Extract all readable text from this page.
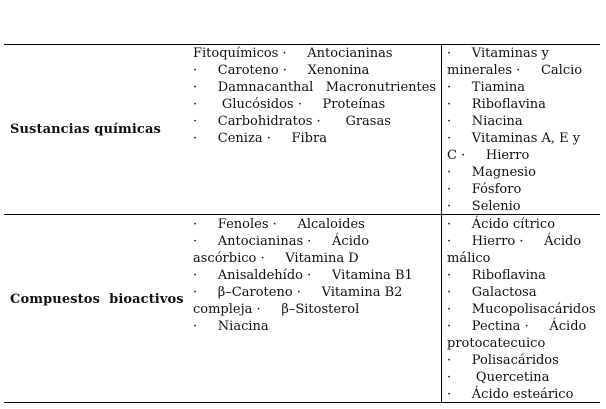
Sustancias químicas
Fitoquímicos ·     Antocianinas
·     Caroteno ·     Xenonina
·     Damnacanthal   Macronutrientes
·      Glucósidos ·     Proteínas
·     Carbohidratos ·      Grasas
·     Ceniza ·     Fibra
·     Vitaminas y
minerales ·     Calcio
·     Tiamina
·     Riboflavina
·     Niacina
·     Vitaminas A, E y
C ·     Hierro
·     Magnesio
·     Fósforo
·     Selenio
Compuestos  bioactivos
·     Fenoles ·     Alcaloides
·     Antocianinas ·     Ácido
ascórbico ·     Vitamina D
·     Anisaldehído ·     Vitamina B1
·     β–Caroteno ·     Vitamina B2
compleja ·     β–Sitosterol
·     Niacina
·     Ácido cítrico
·     Hierro ·     Ácido
málico
·     Riboflavina
·     Galactosa
·     Mucopolisacáridos
·     Pectina ·     Ácido
protocatecuico
·     Polisacáridos
·      Quercetina
·     Ácido esteárico
